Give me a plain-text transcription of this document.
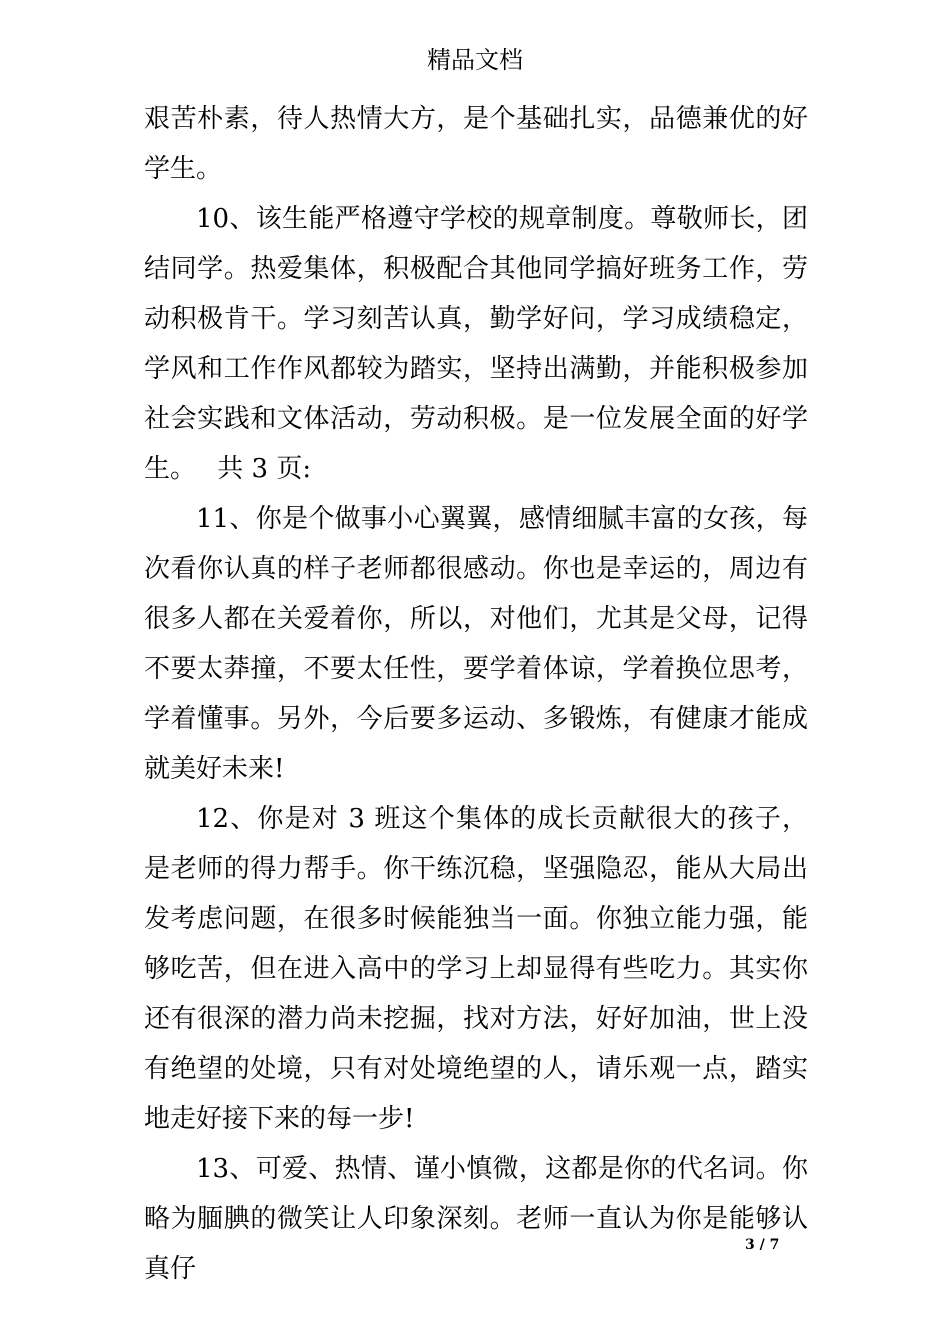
精品文档

艰苦朴素，待人热情大方，是个基础扎实，品德兼优的好学生。

10、该生能严格遵守学校的规章制度。尊敬师长，团结同学。热爱集体，积极配合其他同学搞好班务工作，劳动积极肯干。学习刻苦认真，勤学好问，学习成绩稳定，学风和工作作风都较为踏实，坚持出满勤，并能积极参加社会实践和文体活动，劳动积极。是一位发展全面的好学生。　 共 3 页:

11、你是个做事小心翼翼，感情细腻丰富的女孩，每次看你认真的样子老师都很感动。你也是幸运的，周边有很多人都在关爱着你，所以，对他们，尤其是父母，记得不要太莽撞，不要太任性，要学着体谅，学着换位思考，学着懂事。另外，今后要多运动、多锻炼，有健康才能成就美好未来!

12、你是对 3 班这个集体的成长贡献很大的孩子，是老师的得力帮手。你干练沉稳，坚强隐忍，能从大局出发考虑问题，在很多时候能独当一面。你独立能力强，能够吃苦，但在进入高中的学习上却显得有些吃力。其实你还有很深的潜力尚未挖掘，找对方法，好好加油，世上没有绝望的处境，只有对处境绝望的人，请乐观一点，踏实地走好接下来的每一步!

13、可爱、热情、谨小慎微，这都是你的代名词。你略为腼腆的微笑让人印象深刻。老师一直认为你是能够认真仔

3 / 7
